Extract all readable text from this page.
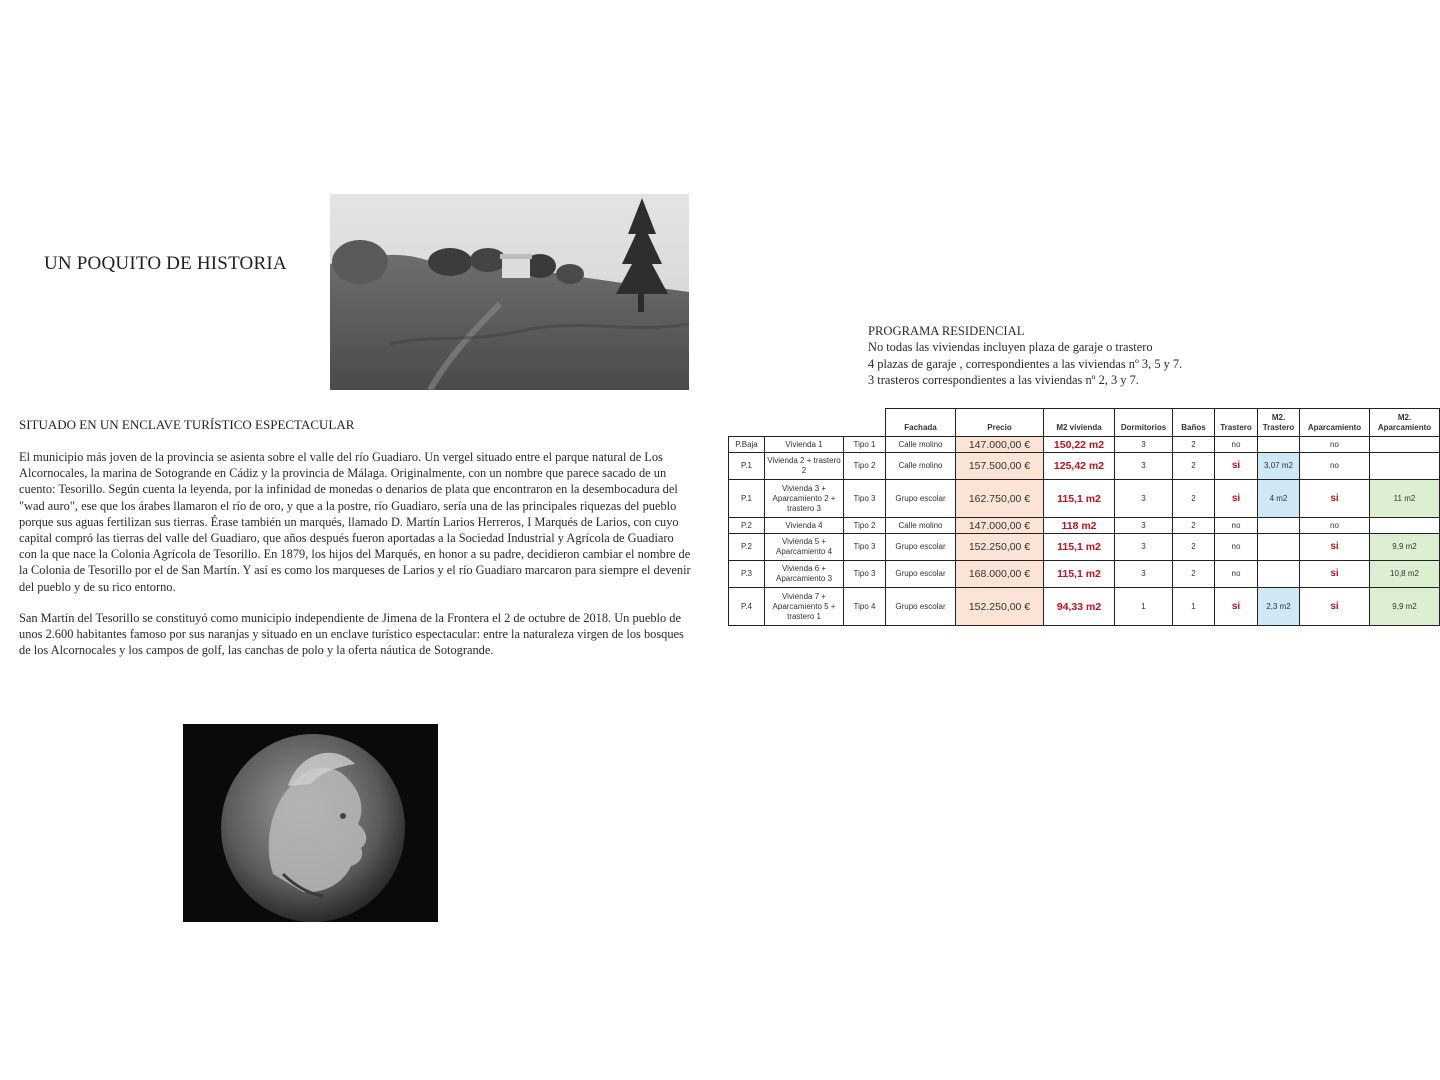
UN POQUITO DE HISTORIA
SITUADO EN UN ENCLAVE TURÍSTICO ESPECTACULAR

El municipio más joven de la provincia se asienta sobre el valle del río Guadiaro. Un vergel situado entre el parque natural de Los Alcornocales, la marina de Sotogrande en Cádiz y la provincia de Málaga. Originalmente, con un nombre que parece sacado de un cuento: Tesorillo. Según cuenta la leyenda, por la infinidad de monedas o denarios de plata que encontraron en la desembocadura del "wad auro", ese que los árabes llamaron el río de oro, y que a la postre, río Guadiaro, sería una de las principales riquezas del pueblo porque sus aguas fertilizan sus tierras. Érase también un marqués, llamado D. Martín Larios Herreros, I Marqués de Larios, con cuyo capital compró las tierras del valle del Guadiaro, que años después fueron aportadas a la Sociedad Industrial y Agrícola de Guadiaro con la que nace la Colonia Agrícola de Tesorillo. En 1879, los hijos del Marqués, en honor a su padre, decidieron cambiar el nombre de la Colonia de Tesorillo por el de San Martín. Y así es como los marqueses de Larios y el río Guadiaro marcaron para siempre el devenir del pueblo y de su rico entorno.

San Martín del Tesorillo se constituyó como municipio independiente de Jimena de la Frontera el 2 de octubre de 2018. Un pueblo de unos 2.600 habitantes famoso por sus naranjas y situado en un enclave turístico espectacular: entre la naturaleza virgen de los bosques de los Alcornocales y los campos de golf, las canchas de polo y la oferta náutica de Sotogrande.

PROGRAMA RESIDENCIAL
No todas las viviendas incluyen plaza de garaje o trastero
4 plazas de garaje , correspondientes a las viviendas nº 3, 5 y 7.
3 trasteros correspondientes a las viviendas nº 2, 3 y 7.
			Fachada	Precio	M2 vivienda	Dormitorios	Baños	Trastero	M2. Trastero	Aparcamiento	M2. Aparcamiento
P.Baja	Vivienda 1	Tipo 1	Calle molino	147.000,00 €	150,22 m2	3	2	no		no	
P.1	Vivienda 2 + trastero 2	Tipo 2	Calle molino	157.500,00 €	125,42 m2	3	2	si	3,07 m2	no	
P.1	Vivienda 3 + Aparcamiento 2 + trastero 3	Tipo 3	Grupo escolar	162.750,00 €	115,1 m2	3	2	si	4 m2	si	11 m2
P.2	Vivienda 4	Tipo 2	Calle molino	147.000,00 €	118 m2	3	2	no		no	
P.2	Vivienda 5 + Aparcamiento 4	Tipo 3	Grupo escolar	152.250,00 €	115,1 m2	3	2	no		si	9,9 m2
P.3	Vivienda 6 + Aparcamiento 3	Tipo 3	Grupo escolar	168.000,00 €	115,1 m2	3	2	no		si	10,8 m2
P.4	Vivienda 7 + Aparcamiento 5 + trastero 1	Tipo 4	Grupo escolar	152.250,00 €	94,33 m2	1	1	si	2,3 m2	si	9,9 m2
